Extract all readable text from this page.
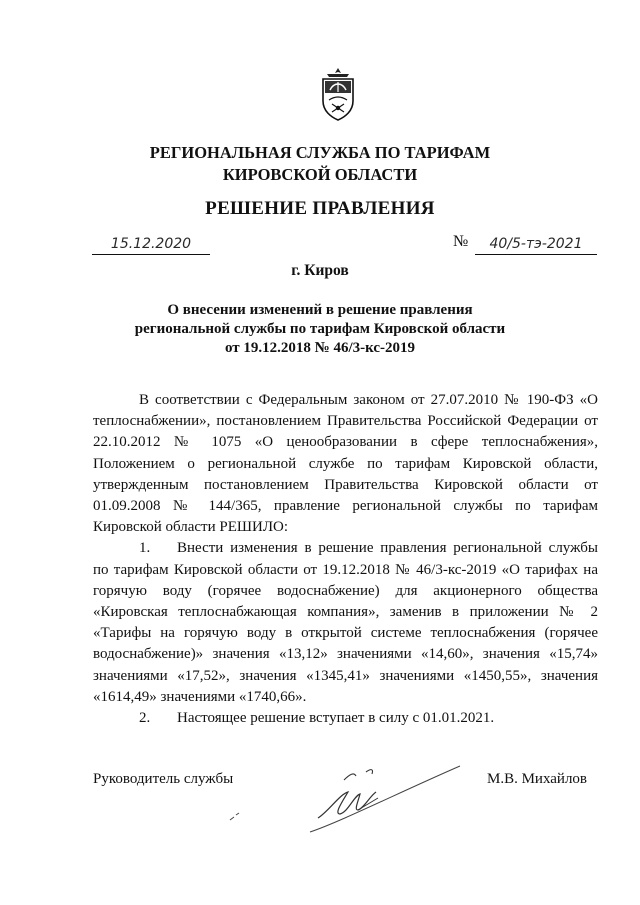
РЕГИОНАЛЬНАЯ СЛУЖБА ПО ТАРИФАМ
КИРОВСКОЙ ОБЛАСТИ
РЕШЕНИЕ ПРАВЛЕНИЯ
15.12.2020	№	40/5-тэ-2021
г. Киров
О внесении изменений в решение правления
региональной службы по тарифам Кировской области
от 19.12.2018 № 46/3-кс-2019

В соответствии с Федеральным законом от 27.07.2010 № 190-ФЗ «О теплоснабжении», постановлением Правительства Российской Федерации от 22.10.2012 № 1075 «О ценообразовании в сфере теплоснабжения», Положением о региональной службе по тарифам Кировской области, утвержденным постановлением Правительства Кировской области от 01.09.2008 № 144/365, правление региональной службы по тарифам Кировской области РЕШИЛО:

1. Внести изменения в решение правления региональной службы по тарифам Кировской области от 19.12.2018 № 46/3-кс-2019 «О тарифах на горячую воду (горячее водоснабжение) для акционерного общества «Кировская теплоснабжающая компания», заменив в приложении № 2 «Тарифы на горячую воду в открытой системе теплоснабжения (горячее водоснабжение)» значения «13,12» значениями «14,60», значения «15,74» значениями «17,52», значения «1345,41» значениями «1450,55», значения «1614,49» значениями «1740,66».

2. Настоящее решение вступает в силу с 01.01.2021.

Руководитель службы	М.В. Михайлов
